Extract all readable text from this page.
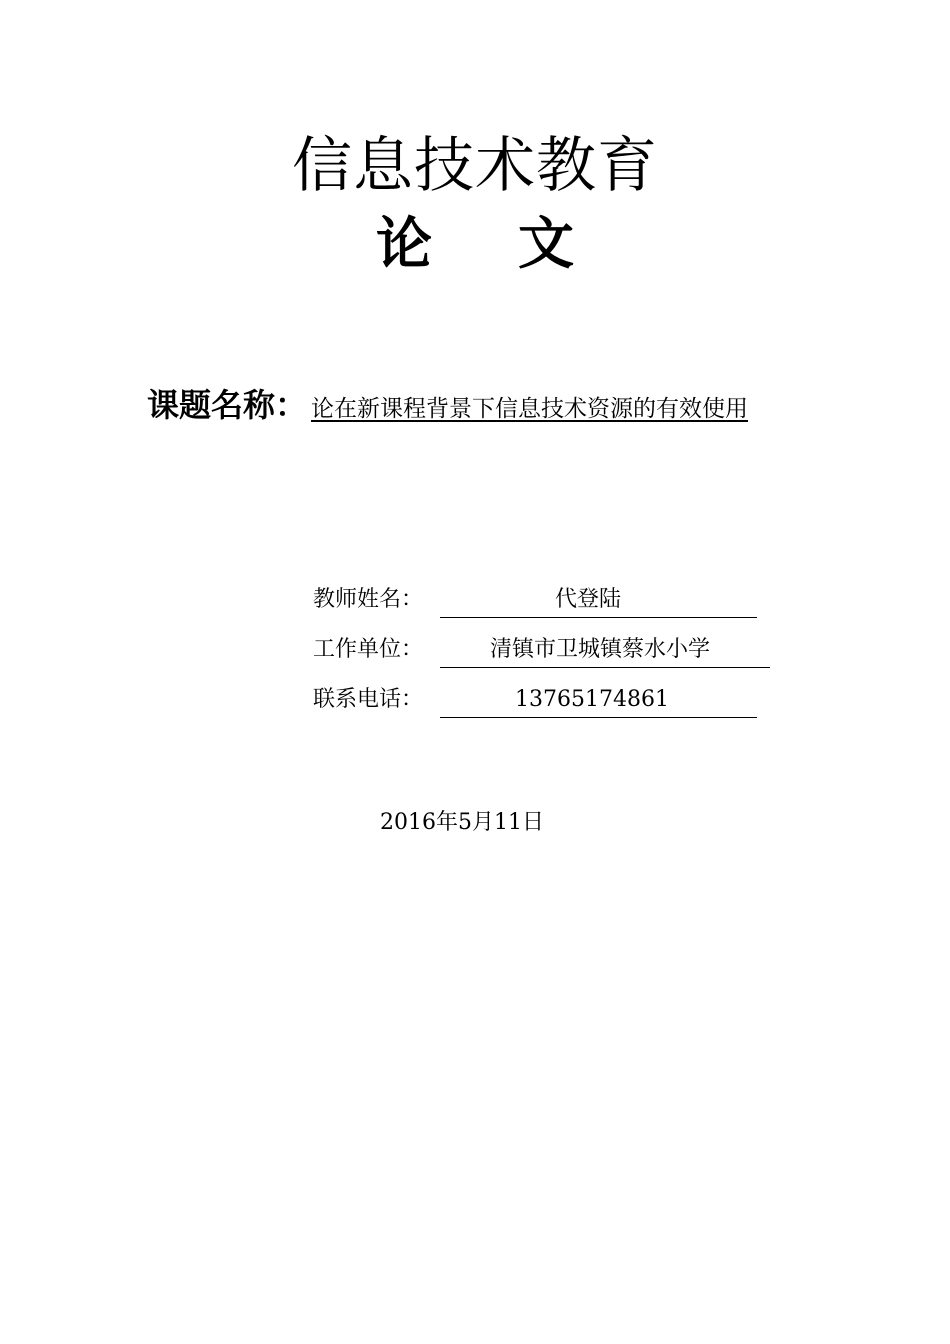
信息技术教育
论 文
课题名称： 论在新课程背景下信息技术资源的有效使用
教师姓名：	代登陆
工作单位：	清镇市卫城镇蔡水小学
联系电话：	13765174861
2016年5月11日
